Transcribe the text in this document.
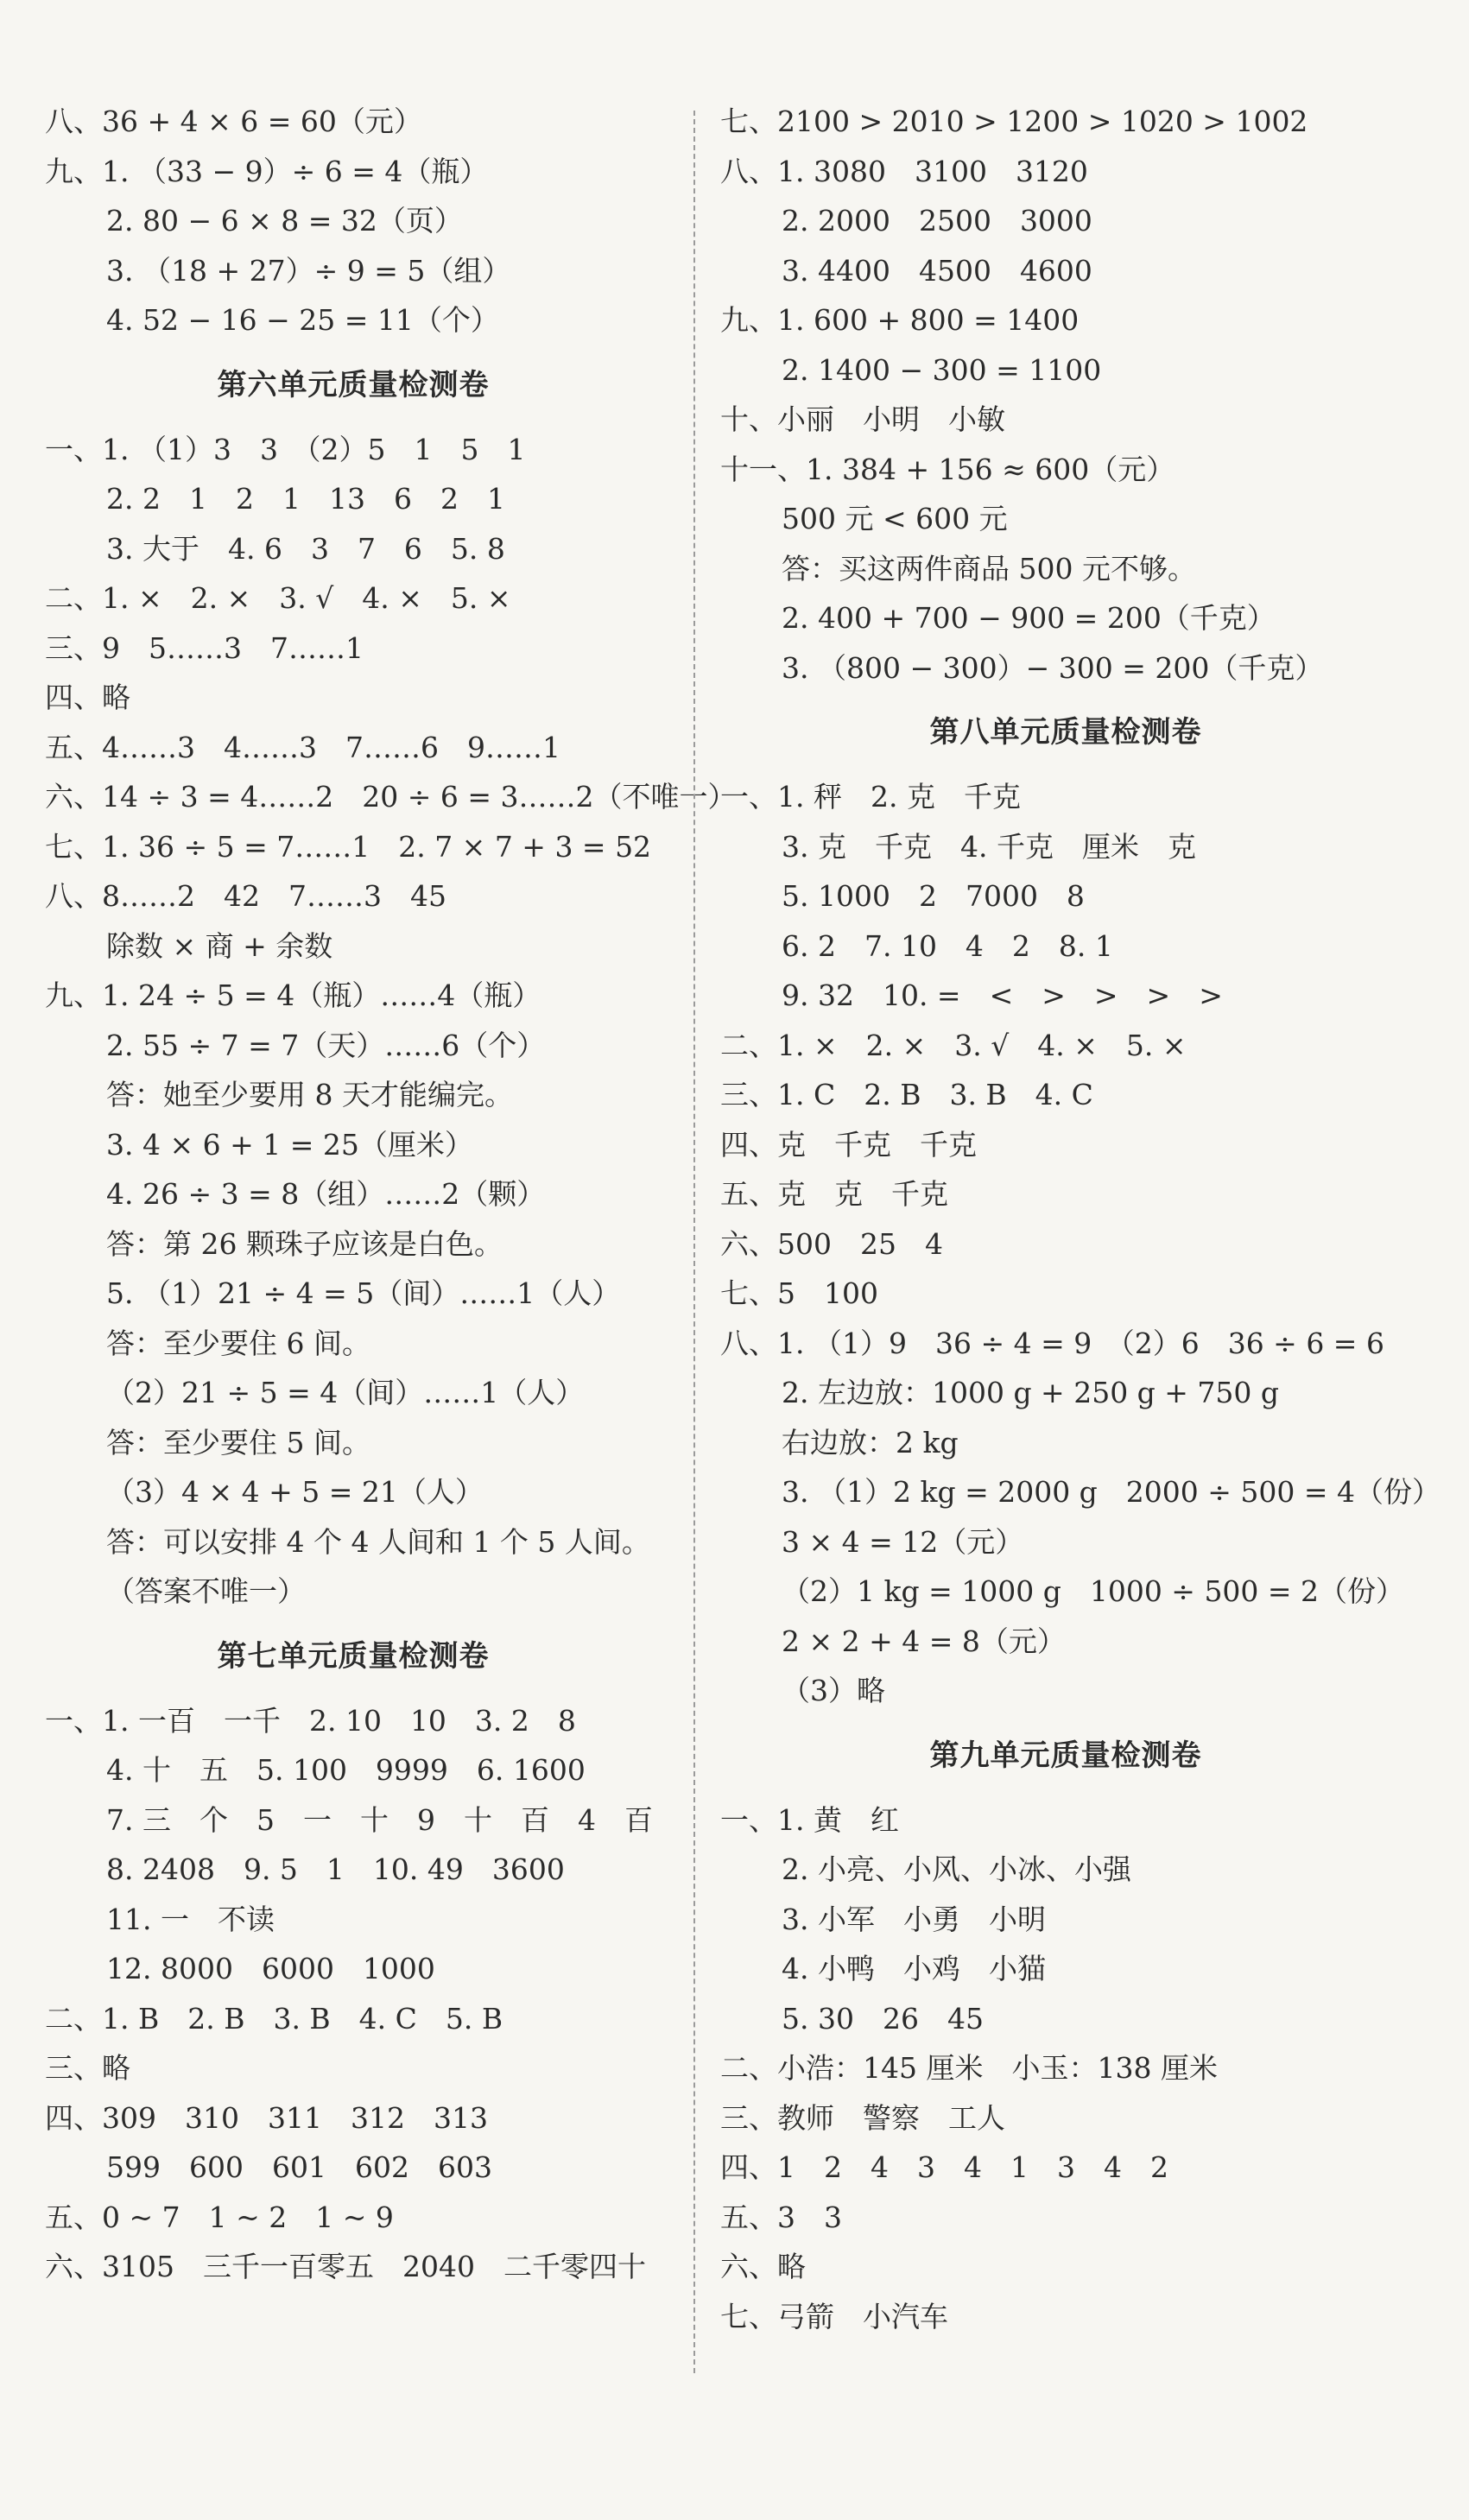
八、36 + 4 × 6 = 60（元）
九、1. （33 − 9）÷ 6 = 4（瓶）
2. 80 − 6 × 8 = 32（页）
3. （18 + 27）÷ 9 = 5（组）
4. 52 − 16 − 25 = 11（个）
第六单元质量检测卷
一、1. （1）3　3　（2）5　1　5　1
2. 2　1　2　1　13　6　2　1
3. 大于　4. 6　3　7　6　5. 8
二、1. ×　2. ×　3. √　4. ×　5. ×
三、9　5……3　7……1
四、略
五、4……3　4……3　7……6　9……1
六、14 ÷ 3 = 4……2　20 ÷ 6 = 3……2（不唯一）
七、1. 36 ÷ 5 = 7……1　2. 7 × 7 + 3 = 52
八、8……2　42　7……3　45
除数 × 商 + 余数
九、1. 24 ÷ 5 = 4（瓶）……4（瓶）
2. 55 ÷ 7 = 7（天）……6（个）
答：她至少要用 8 天才能编完。
3. 4 × 6 + 1 = 25（厘米）
4. 26 ÷ 3 = 8（组）……2（颗）
答：第 26 颗珠子应该是白色。
5. （1）21 ÷ 4 = 5（间）……1（人）
答：至少要住 6 间。
（2）21 ÷ 5 = 4（间）……1（人）
答：至少要住 5 间。
（3）4 × 4 + 5 = 21（人）
答：可以安排 4 个 4 人间和 1 个 5 人间。
（答案不唯一）
第七单元质量检测卷
一、1. 一百　一千　2. 10　10　3. 2　8
4. 十　五　5. 100　9999　6. 1600
7. 三　个　5　一　十　9　十　百　4　百
8. 2408　9. 5　1　10. 49　3600
11. 一　不读
12. 8000　6000　1000
二、1. B　2. B　3. B　4. C　5. B
三、略
四、309　310　311　312　313
599　600　601　602　603
五、0 ~ 7　1 ~ 2　1 ~ 9
六、3105　三千一百零五　2040　二千零四十
七、2100 > 2010 > 1200 > 1020 > 1002
八、1. 3080　3100　3120
2. 2000　2500　3000
3. 4400　4500　4600
九、1. 600 + 800 = 1400
2. 1400 − 300 = 1100
十、小丽　小明　小敏
十一、1. 384 + 156 ≈ 600（元）
500 元 < 600 元
答：买这两件商品 500 元不够。
2. 400 + 700 − 900 = 200（千克）
3. （800 − 300）− 300 = 200（千克）
第八单元质量检测卷
一、1. 秤　2. 克　千克
3. 克　千克　4. 千克　厘米　克
5. 1000　2　7000　8
6. 2　7. 10　4　2　8. 1
9. 32　10. =　<　>　>　>　>
二、1. ×　2. ×　3. √　4. ×　5. ×
三、1. C　2. B　3. B　4. C
四、克　千克　千克
五、克　克　千克
六、500　25　4
七、5　100
八、1. （1）9　36 ÷ 4 = 9　（2）6　36 ÷ 6 = 6
2. 左边放：1000 g + 250 g + 750 g
右边放：2 kg
3. （1）2 kg = 2000 g　2000 ÷ 500 = 4（份）
3 × 4 = 12（元）
（2）1 kg = 1000 g　1000 ÷ 500 = 2（份）
2 × 2 + 4 = 8（元）
（3）略
第九单元质量检测卷
一、1. 黄　红
2. 小亮、小风、小冰、小强
3. 小军　小勇　小明
4. 小鸭　小鸡　小猫
5. 30　26　45
二、小浩：145 厘米　小玉：138 厘米
三、教师　警察　工人
四、1　2　4　3　4　1　3　4　2
五、3　3
六、略
七、弓箭　小汽车
